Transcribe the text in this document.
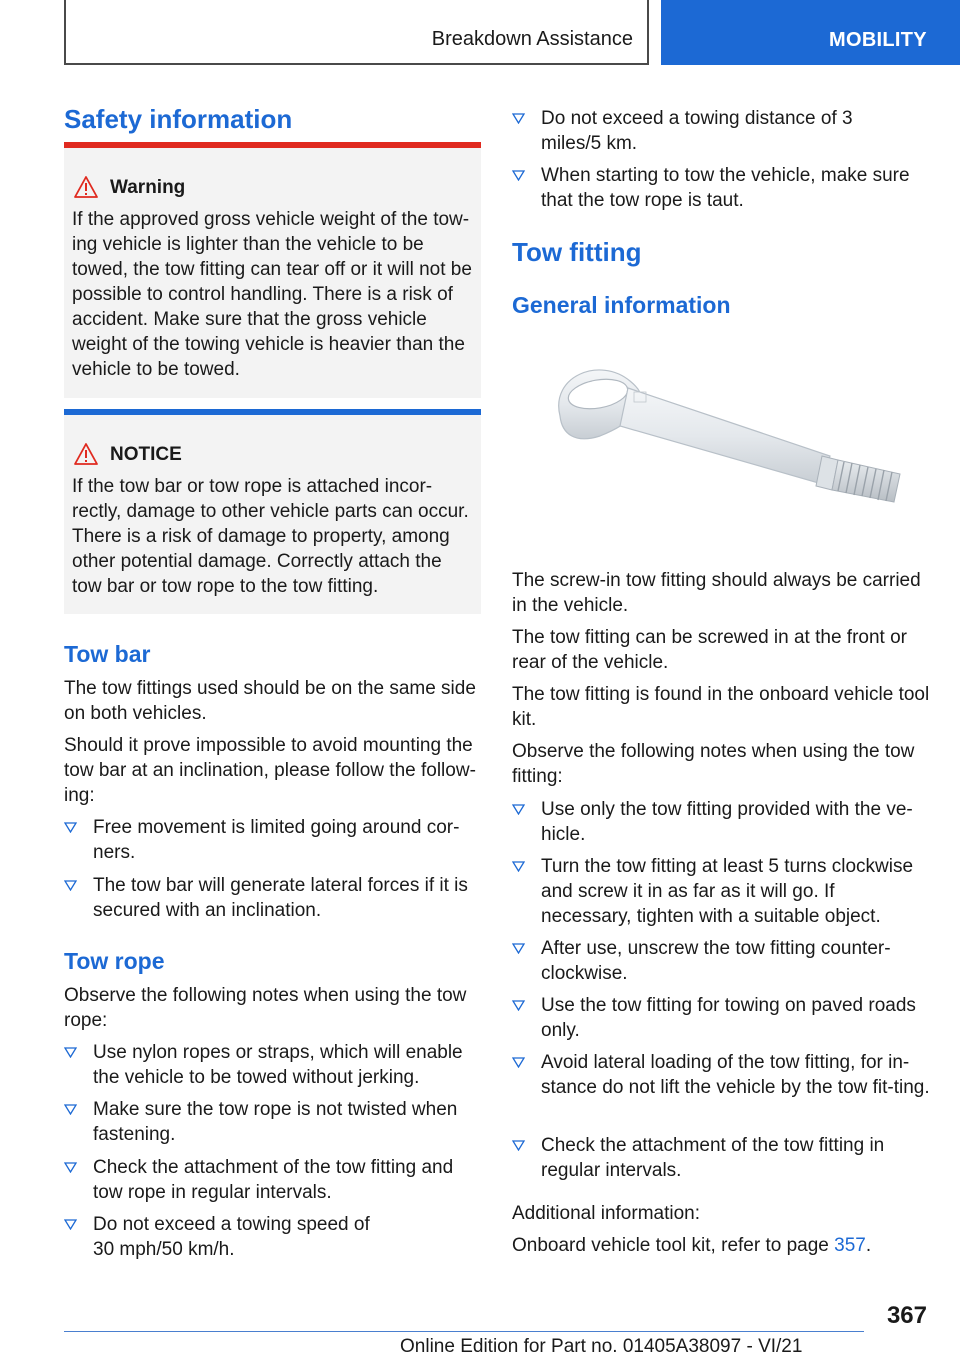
Breakdown Assistance	MOBILITY
Safety information
Warning
If the approved gross vehicle weight of the tow‐ing vehicle is lighter than the vehicle to be towed, the tow fitting can tear off or it will not be possible to control handling. There is a risk of accident. Make sure that the gross vehicle weight of the towing vehicle is heavier than the vehicle to be towed.
NOTICE
If the tow bar or tow rope is attached incor‐rectly, damage to other vehicle parts can occur. There is a risk of damage to property, among other potential damage. Correctly attach the tow bar or tow rope to the tow fitting.
Tow bar
The tow fittings used should be on the same side on both vehicles.
Should it prove impossible to avoid mounting the tow bar at an inclination, please follow the follow‐ing:
Free movement is limited going around cor‐ners.
The tow bar will generate lateral forces if it is secured with an inclination.
Tow rope
Observe the following notes when using the tow rope:
Use nylon ropes or straps, which will enable the vehicle to be towed without jerking.
Make sure the tow rope is not twisted when fastening.
Check the attachment of the tow fitting and tow rope in regular intervals.
Do not exceed a towing speed of 30 mph/50 km/h.
Do not exceed a towing distance of 3 miles/5 km.
When starting to tow the vehicle, make sure that the tow rope is taut.
Tow fitting
General information
The screw-in tow fitting should always be carried in the vehicle.
The tow fitting can be screwed in at the front or rear of the vehicle.
The tow fitting is found in the onboard vehicle tool kit.
Observe the following notes when using the tow fitting:
Use only the tow fitting provided with the ve‐hicle.
Turn the tow fitting at least 5 turns clockwise and screw it in as far as it will go. If necessary, tighten with a suitable object.
After use, unscrew the tow fitting counter‐clockwise.
Use the tow fitting for towing on paved roads only.
Avoid lateral loading of the tow fitting, for in‐stance do not lift the vehicle by the tow fit‐ting.
Check the attachment of the tow fitting in regular intervals.
Additional information:
Onboard vehicle tool kit, refer to page 357.
367
Online Edition for Part no. 01405A38097 - VI/21
